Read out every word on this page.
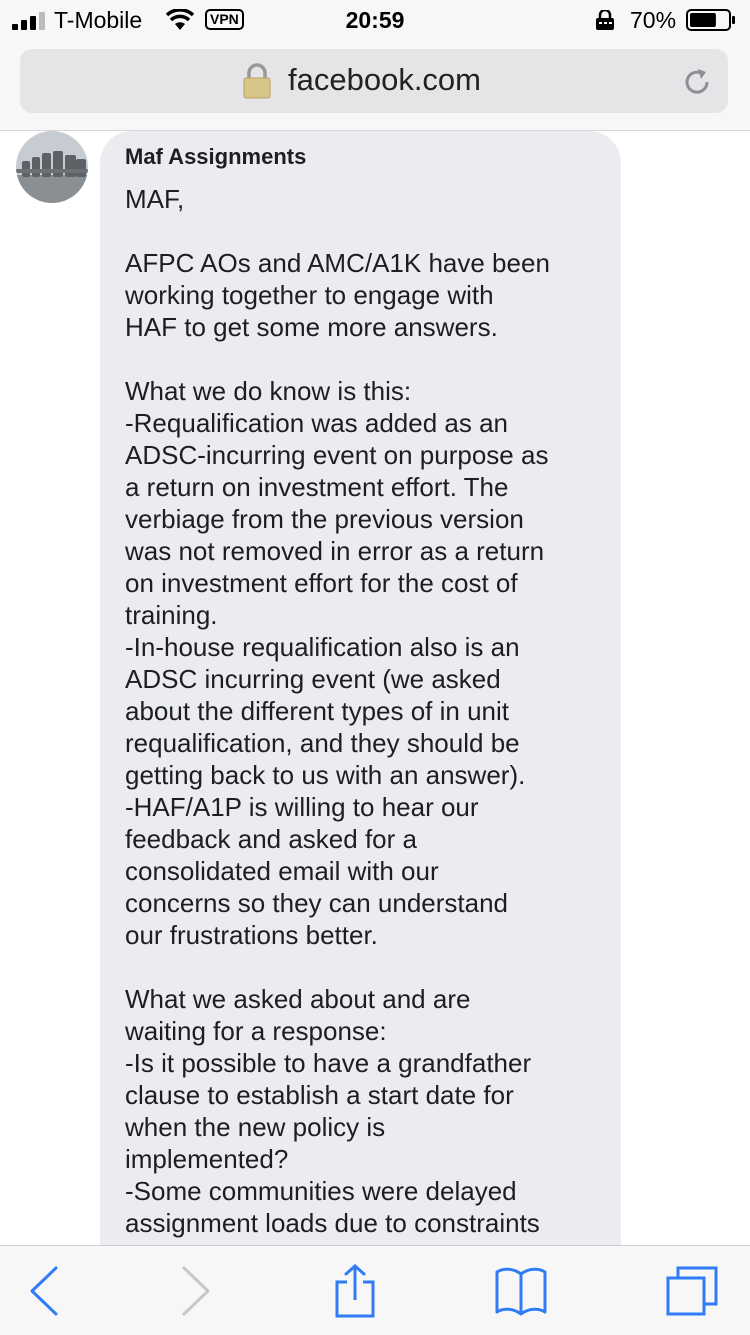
T-Mobile	VPN	20:59	70%
facebook.com
Maf Assignments

MAF,

AFPC AOs and AMC/A1K have been

working together to engage with

HAF to get some more answers.

What we do know is this:

-Requalification was added as an

ADSC-incurring event on purpose as

a return on investment effort. The

verbiage from the previous version

was not removed in error as a return

on investment effort for the cost of

training.

-In-house requalification also is an

ADSC incurring event (we asked

about the different types of in unit

requalification, and they should be

getting back to us with an answer).

-HAF/A1P is willing to hear our

feedback and asked for a

consolidated email with our

concerns so they can understand

our frustrations better.

What we asked about and are

waiting for a response:

-Is it possible to have a grandfather

clause to establish a start date for

when the new policy is

implemented?

-Some communities were delayed

assignment loads due to constraints
